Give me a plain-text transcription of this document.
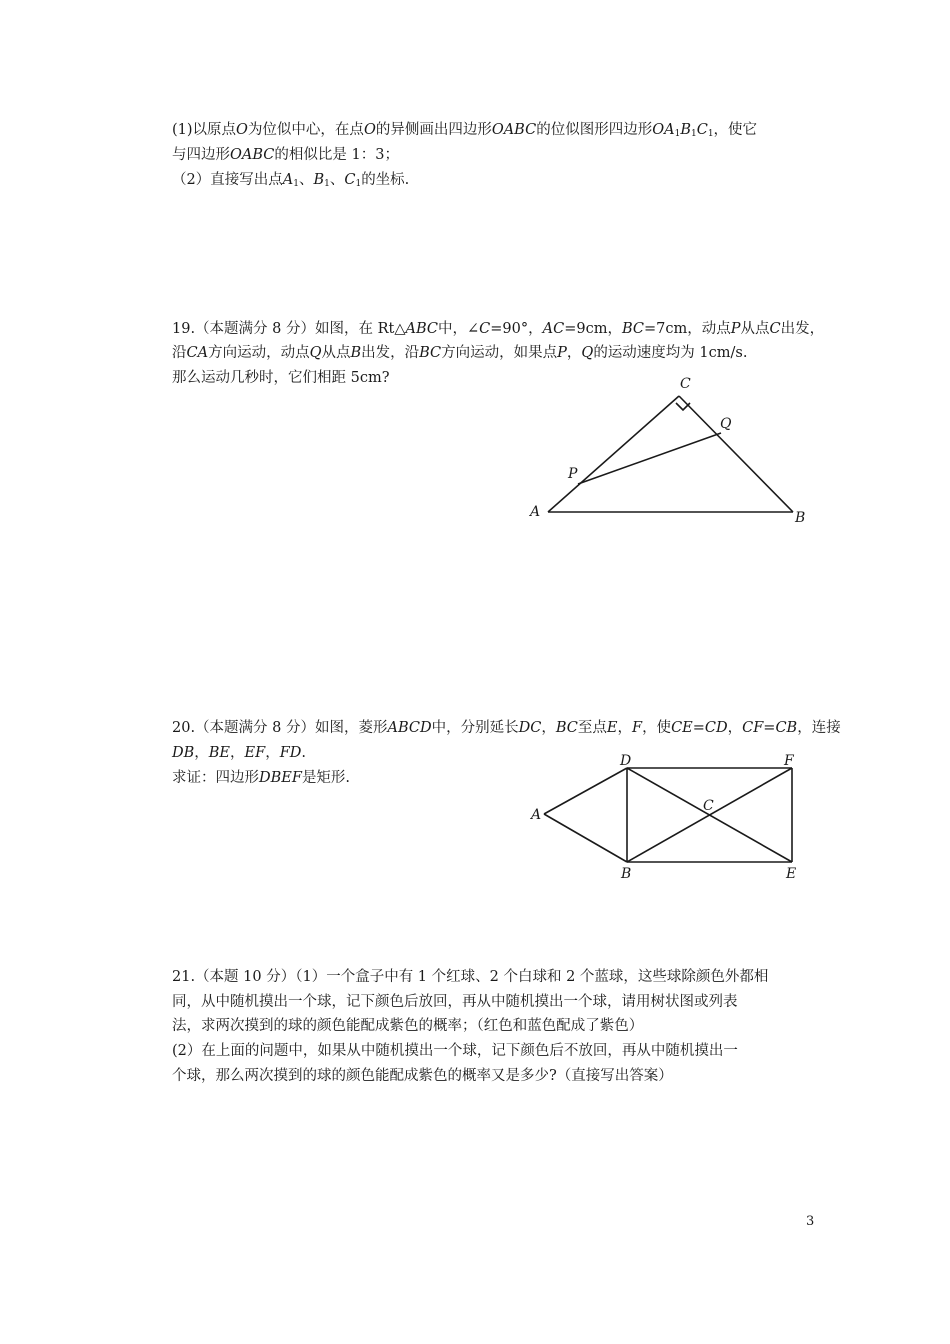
(1)以原点O为位似中心，在点O的异侧画出四边形OABC的位似图形四边形$OA_1B_1C_1$，使它
与四边形OABC的相似比是 1：3；
（2）直接写出点$A_1$、$B_1$、$C_1$的坐标.
19.（本题满分 8 分）如图，在 Rt△ABC中，∠C=90°，AC=9cm，BC=7cm，动点P从点C出发，
沿CA方向运动，动点Q从点B出发，沿BC方向运动，如果点P，Q的运动速度均为 1cm/s.
那么运动几秒时，它们相距 5cm?	C
Q
P
A	B
20.（本题满分 8 分）如图，菱形ABCD中，分别延长DC，BC至点E，F，使CE=CD，CF=CB，连接
DB，BE，EF，FD.
求证：四边形DBEF是矩形.
D	F
C
A
B	E
21.（本题 10 分）（1）一个盒子中有 1 个红球、2 个白球和 2 个蓝球，这些球除颜色外都相
同，从中随机摸出一个球，记下颜色后放回，再从中随机摸出一个球，请用树状图或列表
法，求两次摸到的球的颜色能配成紫色的概率；（红色和蓝色配成了紫色）
(2）在上面的问题中，如果从中随机摸出一个球，记下颜色后不放回，再从中随机摸出一
个球，那么两次摸到的球的颜色能配成紫色的概率又是多少?（直接写出答案）
3
